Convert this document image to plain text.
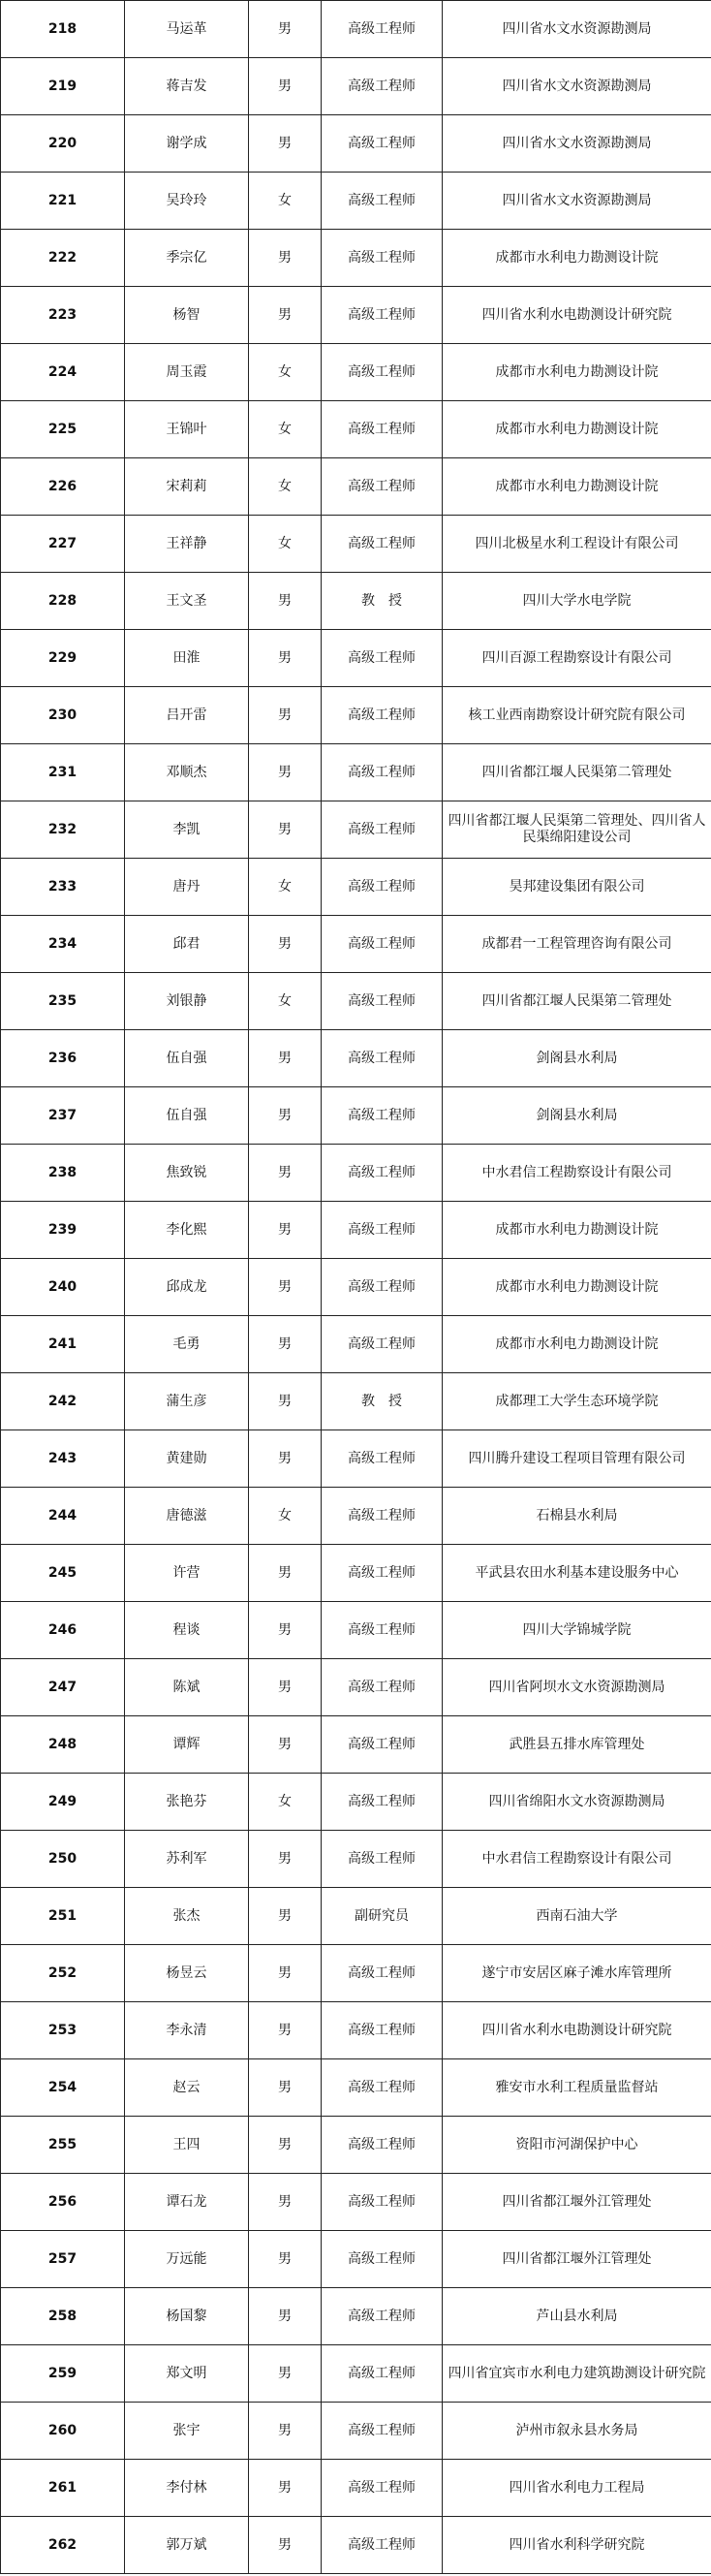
218	马运革	男	高级工程师	四川省水文水资源勘测局
219	蒋吉发	男	高级工程师	四川省水文水资源勘测局
220	谢学成	男	高级工程师	四川省水文水资源勘测局
221	吴玲玲	女	高级工程师	四川省水文水资源勘测局
222	季宗亿	男	高级工程师	成都市水利电力勘测设计院
223	杨智	男	高级工程师	四川省水利水电勘测设计研究院
224	周玉霞	女	高级工程师	成都市水利电力勘测设计院
225	王锦叶	女	高级工程师	成都市水利电力勘测设计院
226	宋莉莉	女	高级工程师	成都市水利电力勘测设计院
227	王祥静	女	高级工程师	四川北极星水利工程设计有限公司
228	王文圣	男	教　授	四川大学水电学院
229	田淮	男	高级工程师	四川百源工程勘察设计有限公司
230	吕开雷	男	高级工程师	核工业西南勘察设计研究院有限公司
231	邓顺杰	男	高级工程师	四川省都江堰人民渠第二管理处
232	李凯	男	高级工程师	四川省都江堰人民渠第二管理处、四川省人民渠绵阳建设公司
233	唐丹	女	高级工程师	昊邦建设集团有限公司
234	邱君	男	高级工程师	成都君一工程管理咨询有限公司
235	刘银静	女	高级工程师	四川省都江堰人民渠第二管理处
236	伍自强	男	高级工程师	剑阁县水利局
237	伍自强	男	高级工程师	剑阁县水利局
238	焦致锐	男	高级工程师	中水君信工程勘察设计有限公司
239	李化熙	男	高级工程师	成都市水利电力勘测设计院
240	邱成龙	男	高级工程师	成都市水利电力勘测设计院
241	毛勇	男	高级工程师	成都市水利电力勘测设计院
242	蒲生彦	男	教　授	成都理工大学生态环境学院
243	黄建勋	男	高级工程师	四川腾升建设工程项目管理有限公司
244	唐德滋	女	高级工程师	石棉县水利局
245	许营	男	高级工程师	平武县农田水利基本建设服务中心
246	程谈	男	高级工程师	四川大学锦城学院
247	陈斌	男	高级工程师	四川省阿坝水文水资源勘测局
248	谭辉	男	高级工程师	武胜县五排水库管理处
249	张艳芬	女	高级工程师	四川省绵阳水文水资源勘测局
250	苏利军	男	高级工程师	中水君信工程勘察设计有限公司
251	张杰	男	副研究员	西南石油大学
252	杨昱云	男	高级工程师	遂宁市安居区麻子滩水库管理所
253	李永清	男	高级工程师	四川省水利水电勘测设计研究院
254	赵云	男	高级工程师	雅安市水利工程质量监督站
255	王四	男	高级工程师	资阳市河湖保护中心
256	谭石龙	男	高级工程师	四川省都江堰外江管理处
257	万远能	男	高级工程师	四川省都江堰外江管理处
258	杨国黎	男	高级工程师	芦山县水利局
259	郑文明	男	高级工程师	四川省宜宾市水利电力建筑勘测设计研究院
260	张宇	男	高级工程师	泸州市叙永县水务局
261	李付林	男	高级工程师	四川省水利电力工程局
262	郭万斌	男	高级工程师	四川省水利科学研究院
